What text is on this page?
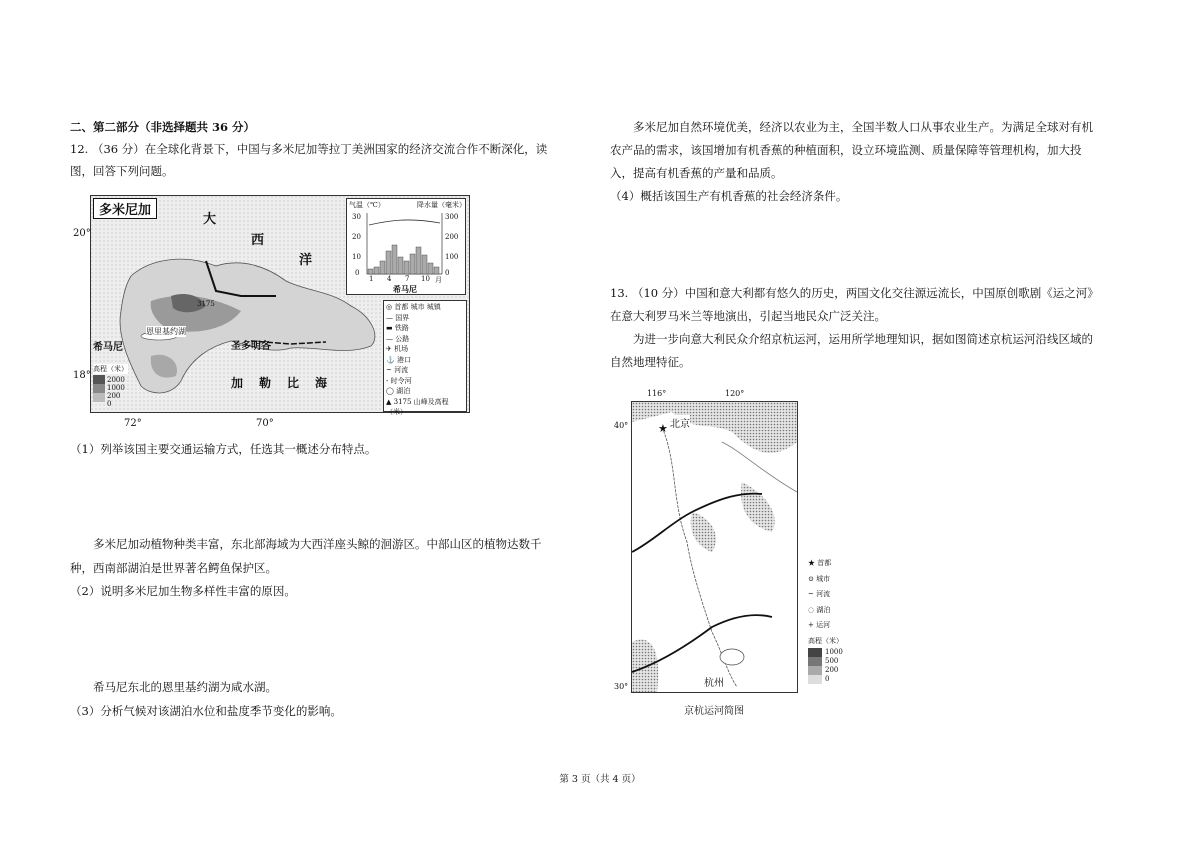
二、第二部分（非选择题共 36 分）
12. （36 分）在全球化背景下，中国与多米尼加等拉丁美洲国家的经济交流合作不断深化，读
图，回答下列问题。
多米尼加
大
西
洋
加 勒 比 海
恩里基约湖
希马尼	圣多明各
3175
气温（℃）	降水量（毫米）
30
20
10
0
300
200
100
0
1 4 7 10 月
希马尼
高程（米）
2000
1000
200
0
◎ 首都 城市 城镇
— 国界
▬ 铁路
— 公路
✈ 机场
⚓ 港口
~ 河流
- 时令河
◯ 湖泊
▲ 3175 山峰及高程（米）
20°
18°
72°	70°
（1）列举该国主要交通运输方式，任选其一概述分布特点。
多米尼加动植物种类丰富，东北部海域为大西洋座头鲸的洄游区。中部山区的植物达数千
种，西南部湖泊是世界著名鳄鱼保护区。
（2）说明多米尼加生物多样性丰富的原因。
希马尼东北的恩里基约湖为咸水湖。
（3）分析气候对该湖泊水位和盐度季节变化的影响。
多米尼加自然环境优美，经济以农业为主，全国半数人口从事农业生产。为满足全球对有机
农产品的需求，该国增加有机香蕉的种植面积，设立环境监测、质量保障等管理机构，加大投
入，提高有机香蕉的产量和品质。
（4）概括该国生产有机香蕉的社会经济条件。
13. （10 分）中国和意大利都有悠久的历史，两国文化交往源远流长，中国原创歌剧《运之河》
在意大利罗马米兰等地演出，引起当地民众广泛关注。
为进一步向意大利民众介绍京杭运河，运用所学地理知识，据如图简述京杭运河沿线区域的
自然地理特征。
116°	120°
40°
30°
★ 北京
杭州
★ 首都
⊙ 城市
~ 河流
◌ 湖泊
+ 运河
高程（米）
1000
500
200
0
京杭运河简图
第 3 页（共 4 页）
